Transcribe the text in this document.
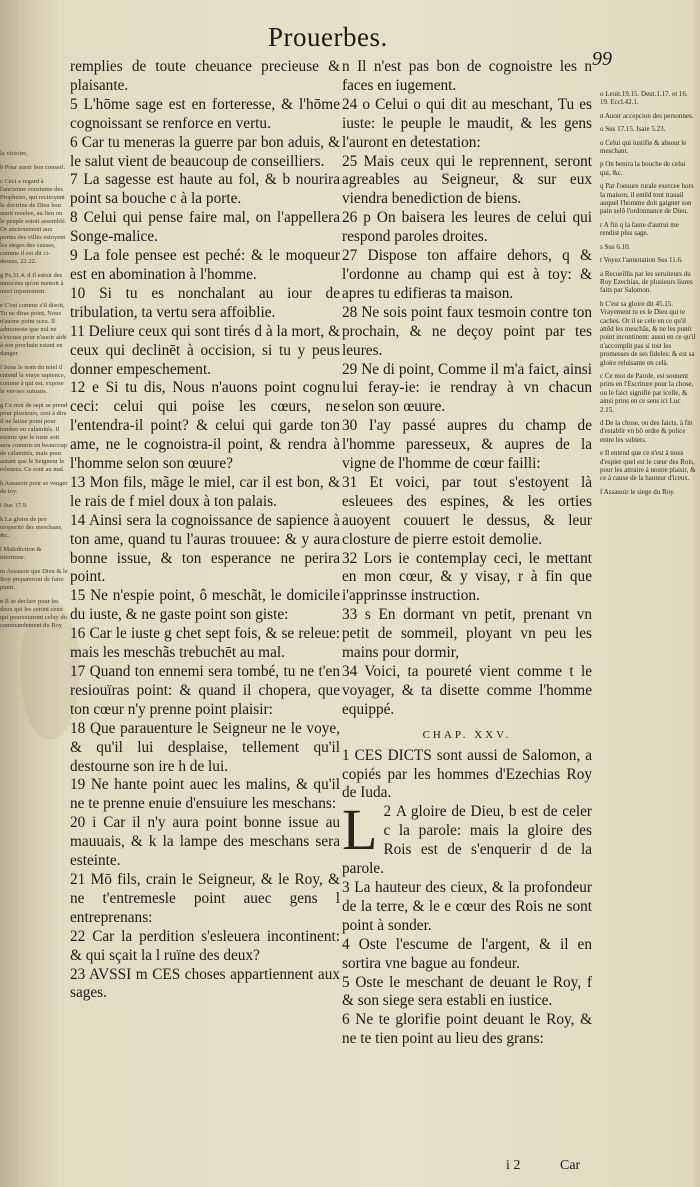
Prouerbes.
99

la victoire,

b Pour auoir bon conseil.

c Ceci a regard à l'ancienne coustume des Prophetes, qui recitoyent la doctrine de Dieu leur auoit reuelee, au lieu ou le peuple estoit assemblé. Or ancienement aux portes des villes estoyent les sieges des causes, comme il est dit ci-dessus, 22.22.

g Ps.31.4. d Il estoit des innocens qu'on mettoit à mort injustement.

e C'est comme s'il disoit, Tu ne diras point, Nous n'auons point sceu. Il admoneste que nul ne s'excuse pour n'auoir aidé à son prochain estant en danger.

f Sous le nom du miel il entend la vraye sapience, comme à qui est, expose le ver-ses suiuans.

g Ce mot de sept se prend pour plusieurs, cest à dire il ne laisse point pour tomber en calamités. Il estime que le iuste soit sera commis en beaucoup de calamités, mais pour autant que le Seigneur le releuera. Ce sont au mal.

h Assauoir pour se venger de toy.

i Sus 17.9.

k La gloire de pro uosperité des meschans, &c.

l Malediction & infortune.

m Assauoir que Dieu & le Roy prepareront de faire punir.

n Il se declare pour les deux qui les seront ceux qui poursuiuront celuy du commandement du Roy

remplies de toute cheuance precieuse & plaisante.

5 L'hōme sage est en forteresse, & l'hōme cognoissant se renforce en vertu.

6 Car tu meneras la guerre par bon aduis, & le salut vient de beaucoup de conseilliers.

7 La sagesse est haute au fol, & b nourira point sa bouche c à la porte.

8 Celui qui pense faire mal, on l'appellera Songe-malice.

9 La fole pensee est peché: & le moqueur est en abomination à l'homme.

10 Si tu es nonchalant au iour de tribulation, ta vertu sera affoiblie.

11 Deliure ceux qui sont tirés d à la mort, & ceux qui declinēt à occision, si tu y peus donner empeschement.

12 e Si tu dis, Nous n'auons point cognu ceci: celui qui poise les cœurs, ne l'entendra-il point? & celui qui garde ton ame, ne le cognoistra-il point, & rendra à l'homme selon son œuure?

13 Mon fils, mãge le miel, car il est bon, & le rais de f miel doux à ton palais.

14 Ainsi sera la cognoissance de sapience à ton ame, quand tu l'auras trouuee: & y aura bonne issue, & ton esperance ne perira point.

15 Ne n'espie point, ô meschãt, le domicile du iuste, & ne gaste point son giste:

16 Car le iuste g chet sept fois, & se releue: mais les meschãs trebuchēt au mal.

17 Quand ton ennemi sera tombé, tu ne t'en resiouïras point: & quand il chopera, que ton cœur n'y prenne point plaisir:

18 Que parauenture le Seigneur ne le voye, & qu'il lui desplaise, tellement qu'il destourne son ire h de lui.

19 Ne hante point auec les malins, & qu'il ne te prenne enuie d'ensuiure les meschans:

20 i Car il n'y aura point bonne issue au mauuais, & k la lampe des meschans sera esteinte.

21 Mō fils, crain le Seigneur, & le Roy, & ne t'entremesle point auec gens l entreprenans:

22 Car la perdition s'esleuera incontinent: & qui sçait la l ruïne des deux?

23 AVSSI m CES choses appartiennent aux sages.

n Il n'est pas bon de cognoistre les n faces en iugement.

24 o Celui o qui dit au meschant, Tu es iuste: le peuple le maudit, & les gens l'auront en detestation:

25 Mais ceux qui le reprennent, seront agreables au Seigneur, & sur eux viendra benediction de biens.

26 p On baisera les leures de celui qui respond paroles droites.

27 Dispose ton affaire dehors, q & l'ordonne au champ qui est à toy: & apres tu edifieras ta maison.

28 Ne sois point faux tesmoin contre ton prochain, & ne deçoy point par tes leures.

29 Ne di point, Comme il m'a faict, ainsi lui feray-ie: ie rendray à vn chacun selon son œuure.

30 I'ay passé aupres du champ de l'homme paresseux, & aupres de la vigne de l'homme de cœur failli:

31 Et voici, par tout s'estoyent là esleuees des espines, & les orties auoyent couuert le dessus, & leur closture de pierre estoit demolie.

32 Lors ie contemplay ceci, le mettant en mon cœur, & y visay, r à fin que i'apprinsse instruction.

33 s En dormant vn petit, prenant vn petit de sommeil, ployant vn peu les mains pour dormir,

34 Voici, ta poureté vient comme t le voyager, & ta disette comme l'homme equippé.

CHAP. XXV.

1 CES DICTS sont aussi de Salomon, a copiés par les hommes d'Ezechias Roy de Iuda.

2
L A gloire de Dieu, b est de celer c la parole: mais la gloire des Rois est de s'enquerir d de la parole.

3 La hauteur des cieux, & la profondeur de la terre, & le e cœur des Rois ne sont point à sonder.

4 Oste l'escume de l'argent, & il en sortira vne bague au fondeur.

5 Oste le meschant de deuant le Roy, f & son siege sera establi en iustice.

6 Ne te glorifie point deuant le Roy, & ne te tien point au lieu des grans:

o Leuit.19.15. Deut.1.17. et 16. 19. Eccl.42.1.

n Auoir accepcion des personnes.

o Sus 17.15. Isaie 5.23.

o Celui qui iustifie & absout le meschant.

p On benira la bouche de celui qui, &c.

q Par l'oeuure rurale exercee hors la maison, il entēd tout trauail auquel l'homme doit gaigner son pain selō l'ordonnance de Dieu.

r A fin q la faute d'autrui me rendist plus sage.

s Sus 6.10.

t Voyez l'annotation Sus 11.6.

a Recueillis par les seruiteurs du Roy Ezechias, de plusieurs liures faits par Salomon.

b C'est sa gloire dit 45.15. Vrayement tu es le Dieu qui te caches. Or il se cele en ce qu'il attēd les meschās, & ne les punit point incontinent: aussi en ce qu'il n'accomplit pas si tost les promesses de ses fideles: & est sa gloire reluisante en celà.

c Ce mot de Parole, est souuent prins en l'Escriture pour la chose, ou le faict signifié par icelle, & ainsi prins en ce sens ici Luc 2.15.

d De la chose, ou des faicts, à fin d'establir vn bō ordre & police entre les subiets.

e Il entend que ce n'est à nous d'espier quel est le cœur des Rois, pour les attraire à nostre plaisir, & ce à cause de la hauteur d'iceux.

f Assauoir le siege du Roy.

i 2	Car
